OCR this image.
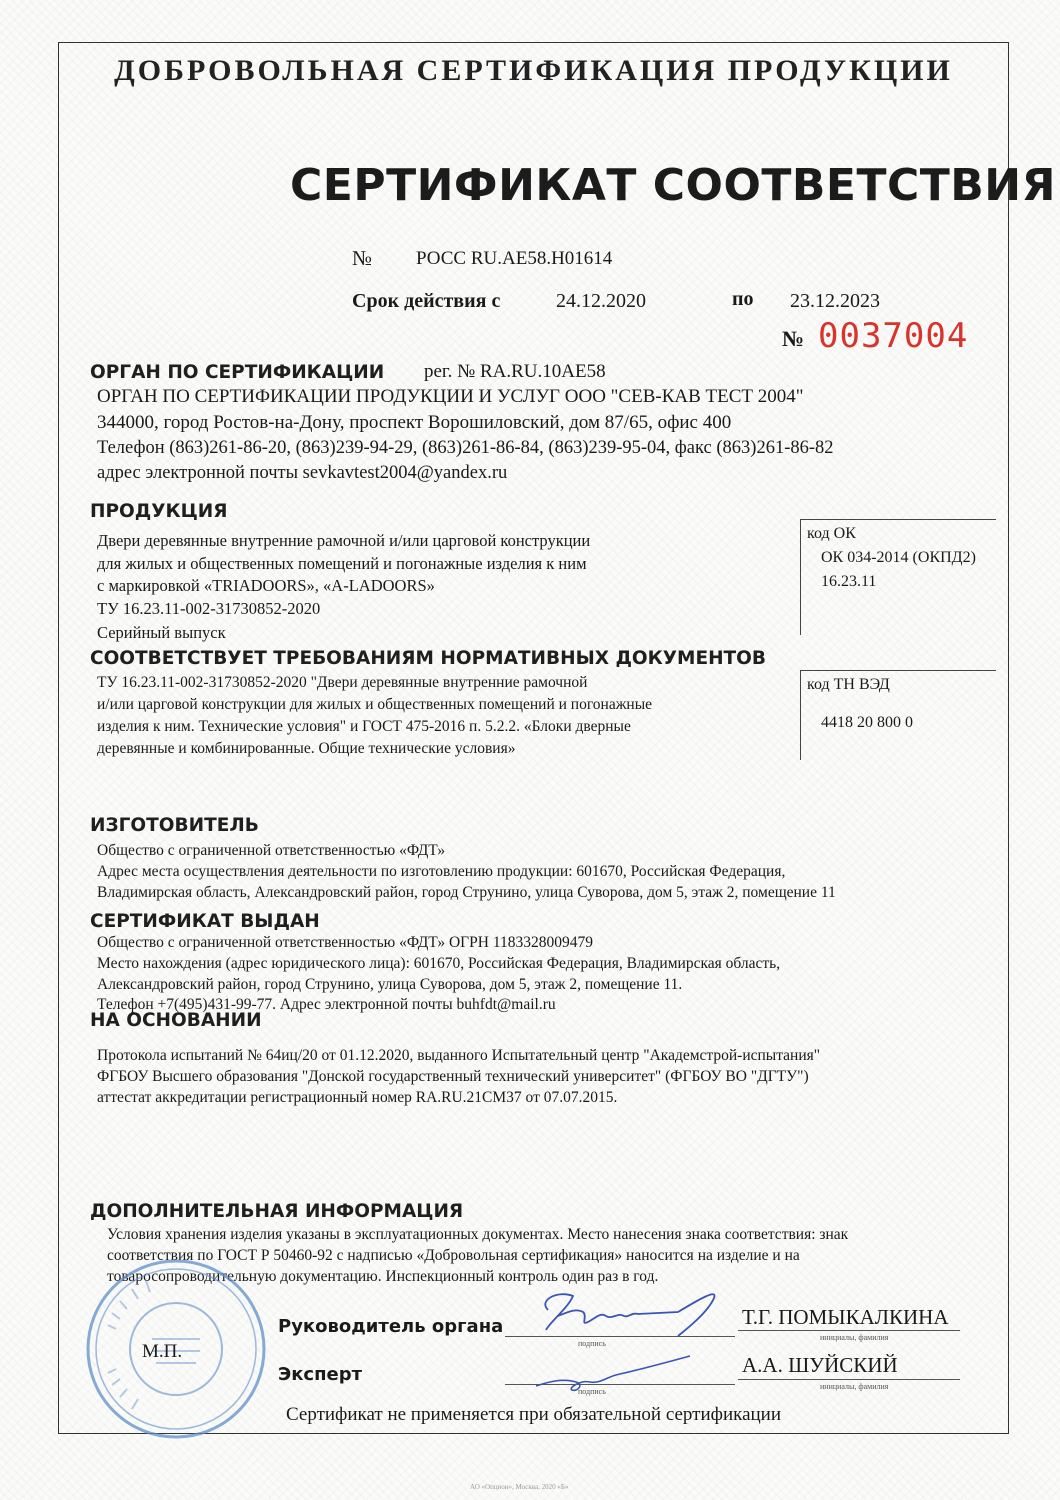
ДОБРОВОЛЬНАЯ СЕРТИФИКАЦИЯ ПРОДУКЦИИ
СЕРТИФИКАТ СООТВЕТСТВИЯ
№ РОСС RU.АЕ58.Н01614
Срок действия с	24.12.2020	по 23.12.2023
№ 0037004
ОРГАН ПО СЕРТИФИКАЦИИ рег. № RA.RU.10АЕ58
ОРГАН ПО СЕРТИФИКАЦИИ ПРОДУКЦИИ И УСЛУГ ООО "СЕВ-КАВ ТЕСТ 2004"
344000, город Ростов-на-Дону, проспект Ворошиловский, дом 87/65, офис 400
Телефон (863)261-86-20, (863)239-94-29, (863)261-86-84, (863)239-95-04, факс (863)261-86-82
адрес электронной почты sevkavtest2004@yandex.ru
ПРОДУКЦИЯ
Двери деревянные внутренние рамочной и/или царговой конструкции
для жилых и общественных помещений и погонажные изделия к ним
с маркировкой «TRIADOORS», «A-LADOORS»
ТУ 16.23.11-002-31730852-2020
Серийный выпуск
код ОК
ОК 034-2014 (ОКПД2)
16.23.11
СООТВЕТСТВУЕТ ТРЕБОВАНИЯМ НОРМАТИВНЫХ ДОКУМЕНТОВ
ТУ 16.23.11-002-31730852-2020 "Двери деревянные внутренние рамочной
и/или царговой конструкции для жилых и общественных помещений и погонажные
изделия к ним. Технические условия" и ГОСТ 475-2016 п. 5.2.2. «Блоки дверные
деревянные и комбинированные. Общие технические условия»
код ТН ВЭД
4418 20 800 0
ИЗГОТОВИТЕЛЬ
Общество с ограниченной ответственностью «ФДТ»
Адрес места осуществления деятельности по изготовлению продукции: 601670, Российская Федерация,
Владимирская область, Александровский район, город Струнино, улица Суворова, дом 5, этаж 2, помещение 11
СЕРТИФИКАТ ВЫДАН
Общество с ограниченной ответственностью «ФДТ» ОГРН 1183328009479
Место нахождения (адрес юридического лица): 601670, Российская Федерация, Владимирская область,
Александровский район, город Струнино, улица Суворова, дом 5, этаж 2, помещение 11.
Телефон +7(495)431-99-77. Адрес электронной почты buhfdt@mail.ru
НА ОСНОВАНИИ
Протокола испытаний № 64иц/20 от 01.12.2020, выданного Испытательный центр "Академстрой-испытания"
ФГБОУ Высшего образования "Донской государственный технический университет" (ФГБОУ ВО "ДГТУ")
аттестат аккредитации регистрационный номер RA.RU.21СМ37 от 07.07.2015.
ДОПОЛНИТЕЛЬНАЯ ИНФОРМАЦИЯ
Условия хранения изделия указаны в эксплуатационных документах. Место нанесения знака соответствия: знак
соответствия по ГОСТ Р 50460-92 с надписью «Добровольная сертификация» наносится на изделие и на
товаросопроводительную документацию. Инспекционный контроль один раз в год.
М.П.
Руководитель органа
подпись
Т.Г. ПОМЫКАЛКИНА
инициалы, фамилия
Эксперт
подпись
А.А. ШУЙСКИЙ
инициалы, фамилия
Сертификат не применяется при обязательной сертификации
АО «Опцион», Москва, 2020 «Б»
